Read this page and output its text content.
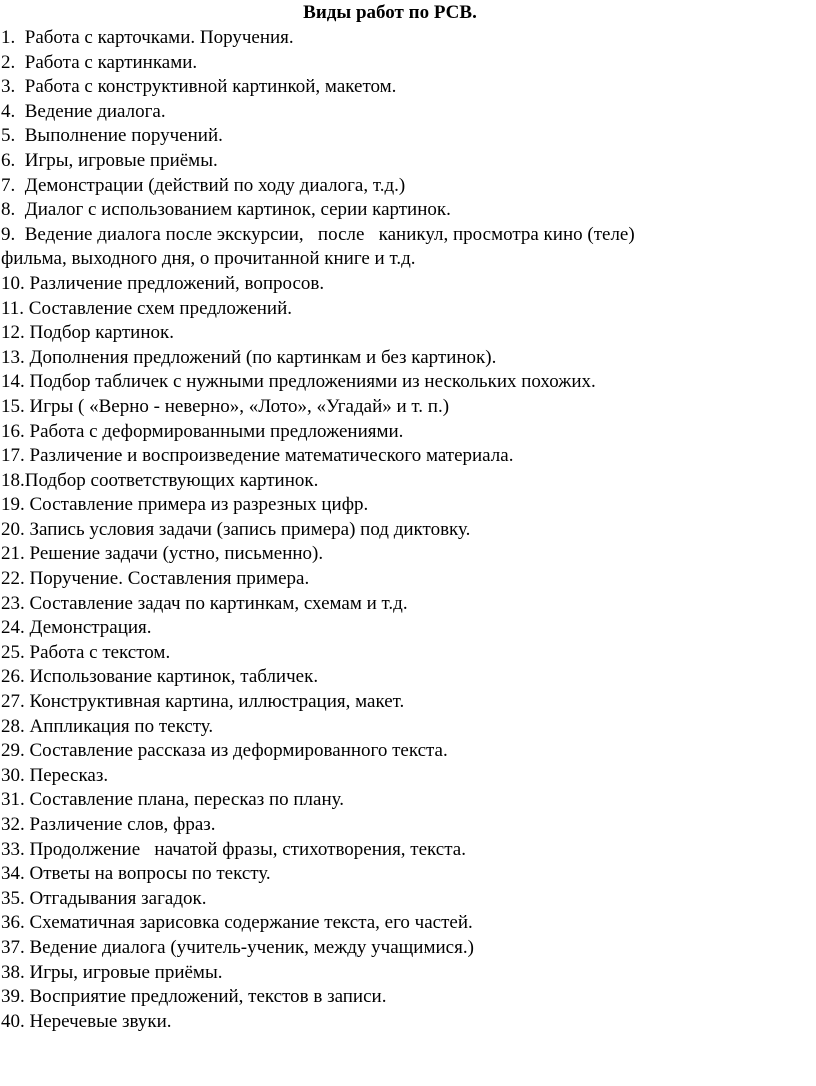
Виды работ по РСВ.
1.  Работа с карточками. Поручения.
2.  Работа с картинками.
3.  Работа с конструктивной картинкой, макетом.
4.  Ведение диалога.
5.  Выполнение поручений.
6.  Игры, игровые приёмы.
7.  Демонстрации (действий по ходу диалога, т.д.)
8.  Диалог с использованием картинок, серии картинок.
9.  Ведение диалога после экскурсии,   после   каникул, просмотра кино (теле)
фильма, выходного дня, о прочитанной книге и т.д.
10. Различение предложений, вопросов.
11. Составление схем предложений.
12. Подбор картинок.
13. Дополнения предложений (по картинкам и без картинок).
14. Подбор табличек с нужными предложениями из нескольких похожих.
15. Игры ( «Верно - неверно», «Лото», «Угадай» и т. п.)
16. Работа с деформированными предложениями.
17. Различение и воспроизведение математического материала.
18.Подбор соответствующих картинок.
19. Составление примера из разрезных цифр.
20. Запись условия задачи (запись примера) под диктовку.
21. Решение задачи (устно, письменно).
22. Поручение. Составления примера.
23. Составление задач по картинкам, схемам и т.д.
24. Демонстрация.
25. Работа с текстом.
26. Использование картинок, табличек.
27. Конструктивная картина, иллюстрация, макет.
28. Аппликация по тексту.
29. Составление рассказа из деформированного текста.
30. Пересказ.
31. Составление плана, пересказ по плану.
32. Различение слов, фраз.
33. Продолжение   начатой фразы, стихотворения, текста.
34. Ответы на вопросы по тексту.
35. Отгадывания загадок.
36. Схематичная зарисовка содержание текста, его частей.
37. Ведение диалога (учитель-ученик, между учащимися.)
38. Игры, игровые приёмы.
39. Восприятие предложений, текстов в записи.
40. Неречевые звуки.
